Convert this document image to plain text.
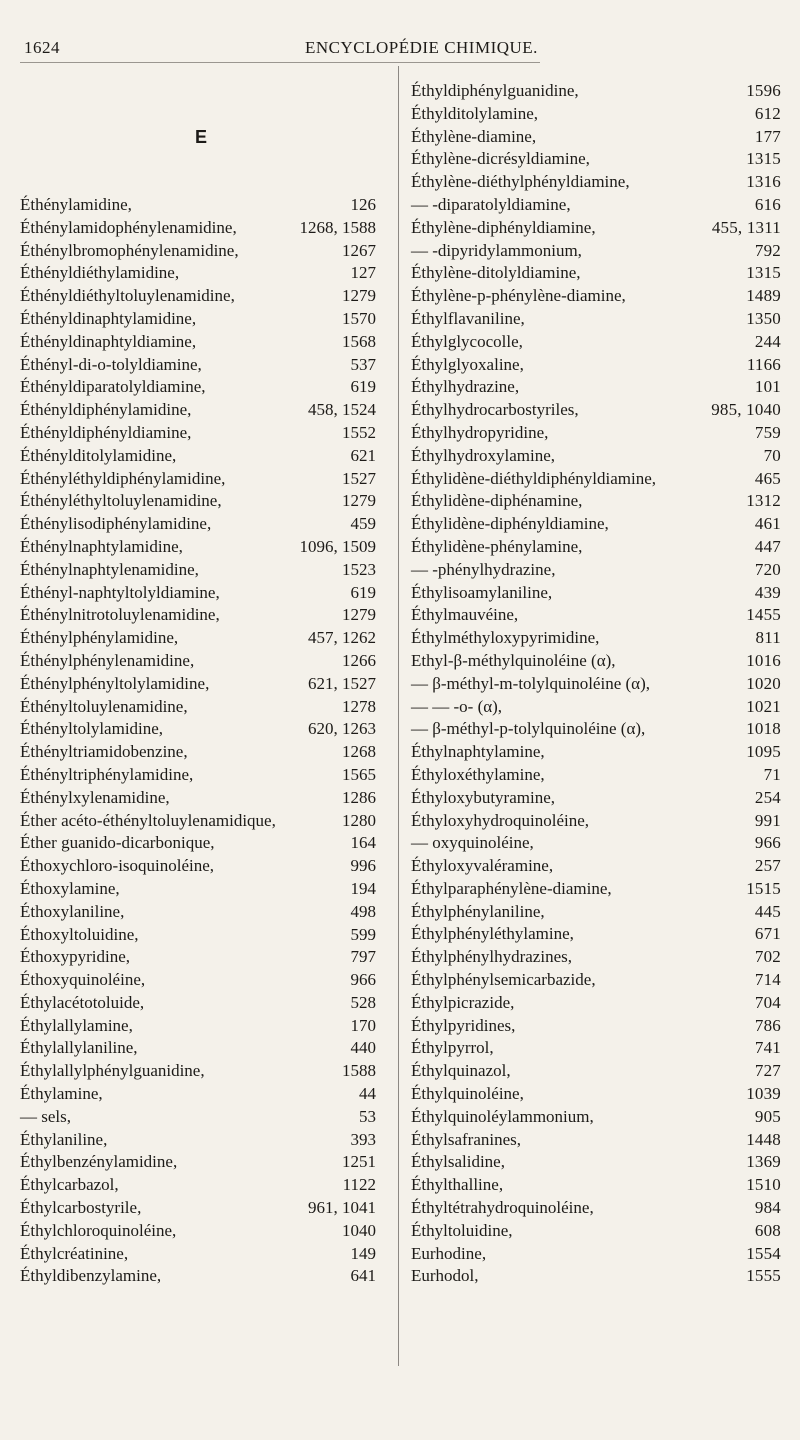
1624	ENCYCLOPÉDIE CHIMIQUE.
E
Éthénylamidine,	126
Éthénylamidophénylenamidine,	1268, 1588
Éthénylbromophénylenamidine,	1267
Éthényldiéthylamidine,	127
Éthényldiéthyltoluylenamidine,	1279
Éthényldinaphtylamidine,	1570
Éthényldinaphtyldiamine,	1568
Éthényl-di-o-tolyldiamine,	537
Éthényldiparatolyldiamine,	619
Éthényldiphénylamidine,	458, 1524
Éthényldiphényldiamine,	1552
Éthénylditolylamidine,	621
Éthényléthyldiphénylamidine,	1527
Éthényléthyltoluylenamidine,	1279
Éthénylisodiphénylamidine,	459
Éthénylnaphtylamidine,	1096, 1509
Éthénylnaphtylenamidine,	1523
Éthényl-naphtyltolyldiamine,	619
Éthénylnitrotoluylenamidine,	1279
Éthénylphénylamidine,	457, 1262
Éthénylphénylenamidine,	1266
Éthénylphényltolylamidine,	621, 1527
Éthényltoluylenamidine,	1278
Éthényltolylamidine,	620, 1263
Éthényltriamidobenzine,	1268
Éthényltriphénylamidine,	1565
Éthénylxylenamidine,	1286
Éther acéto-éthényltoluylenamidique,	1280
Éther guanido-dicarbonique,	164
Éthoxychloro-isoquinoléine,	996
Éthoxylamine,	194
Éthoxylaniline,	498
Éthoxyltoluidine,	599
Éthoxypyridine,	797
Éthoxyquinoléine,	966
Éthylacétotoluide,	528
Éthylallylamine,	170
Éthylallylaniline,	440
Éthylallylphénylguanidine,	1588
Éthylamine,	44
— sels,	53
Éthylaniline,	393
Éthylbenzénylamidine,	1251
Éthylcarbazol,	1122
Éthylcarbostyrile,	961, 1041
Éthylchloroquinoléine,	1040
Éthylcréatinine,	149
Éthyldibenzylamine,	641
Éthyldiphénylguanidine,	1596
Éthylditolylamine,	612
Éthylène-diamine,	177
Éthylène-dicrésyldiamine,	1315
Éthylène-diéthylphényldiamine,	1316
— -diparatolyldiamine,	616
Éthylène-diphényldiamine,	455, 1311
— -dipyridylammonium,	792
Éthylène-ditolyldiamine,	1315
Éthylène-p-phénylène-diamine,	1489
Éthylflavaniline,	1350
Éthylglycocolle,	244
Éthylglyoxaline,	1166
Éthylhydrazine,	101
Éthylhydrocarbostyriles,	985, 1040
Éthylhydropyridine,	759
Éthylhydroxylamine,	70
Éthylidène-diéthyldiphényldiamine,	465
Éthylidène-diphénamine,	1312
Éthylidène-diphényldiamine,	461
Éthylidène-phénylamine,	447
— -phénylhydrazine,	720
Éthylisoamylaniline,	439
Éthylmauvéine,	1455
Éthylméthyloxypyrimidine,	811
Ethyl-β-méthylquinoléine (α),	1016
— β-méthyl-m-tolylquinoléine (α),	1020
— — -o- (α),	1021
— β-méthyl-p-tolylquinoléine (α),	1018
Éthylnaphtylamine,	1095
Éthyloxéthylamine,	71
Éthyloxybutyramine,	254
Éthyloxyhydroquinoléine,	991
— oxyquinoléine,	966
Éthyloxyvaléramine,	257
Éthylparaphénylène-diamine,	1515
Éthylphénylaniline,	445
Éthylphényléthylamine,	671
Éthylphénylhydrazines,	702
Éthylphénylsemicarbazide,	714
Éthylpicrazide,	704
Éthylpyridines,	786
Éthylpyrrol,	741
Éthylquinazol,	727
Éthylquinoléine,	1039
Éthylquinoléylammonium,	905
Éthylsafranines,	1448
Éthylsalidine,	1369
Éthylthalline,	1510
Éthyltétrahydroquinoléine,	984
Éthyltoluidine,	608
Eurhodine,	1554
Eurhodol,	1555
